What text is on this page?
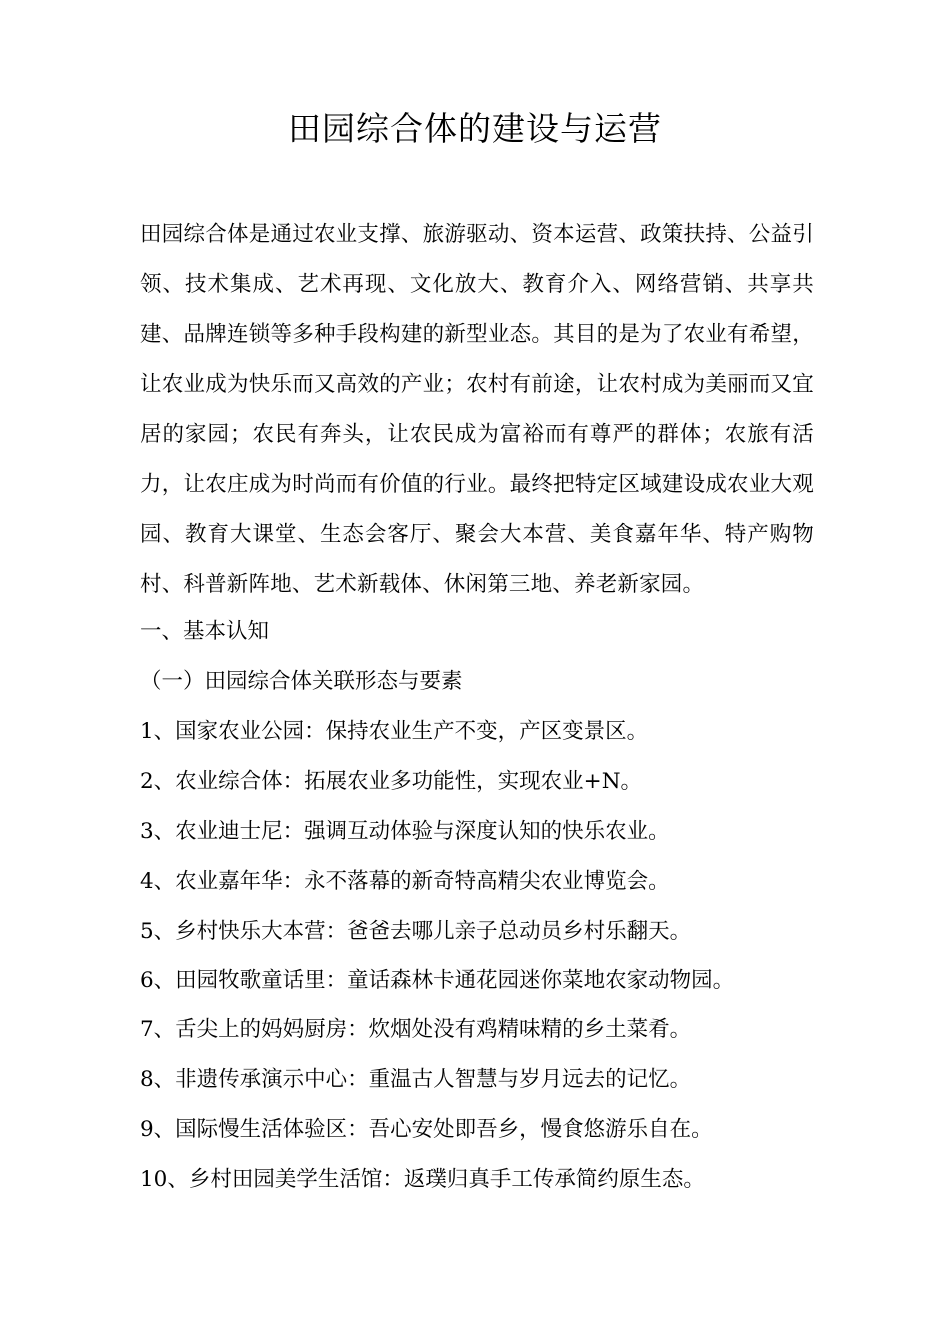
田园综合体的建设与运营

田园综合体是通过农业支撑、旅游驱动、资本运营、政策扶持、公益引领、技术集成、艺术再现、文化放大、教育介入、网络营销、共享共建、品牌连锁等多种手段构建的新型业态。其目的是为了农业有希望，让农业成为快乐而又高效的产业；农村有前途，让农村成为美丽而又宜居的家园；农民有奔头，让农民成为富裕而有尊严的群体；农旅有活力，让农庄成为时尚而有价值的行业。最终把特定区域建设成农业大观园、教育大课堂、生态会客厅、聚会大本营、美食嘉年华、特产购物村、科普新阵地、艺术新载体、休闲第三地、养老新家园。

一、基本认知
（一）田园综合体关联形态与要素
1、国家农业公园：保持农业生产不变，产区变景区。
2、农业综合体：拓展农业多功能性，实现农业+N。
3、农业迪士尼：强调互动体验与深度认知的快乐农业。
4、农业嘉年华：永不落幕的新奇特高精尖农业博览会。
5、乡村快乐大本营：爸爸去哪儿亲子总动员乡村乐翻天。
6、田园牧歌童话里：童话森林卡通花园迷你菜地农家动物园。
7、舌尖上的妈妈厨房：炊烟处没有鸡精味精的乡土菜肴。
8、非遗传承演示中心：重温古人智慧与岁月远去的记忆。
9、国际慢生活体验区：吾心安处即吾乡，慢食悠游乐自在。
10、乡村田园美学生活馆：返璞归真手工传承简约原生态。
